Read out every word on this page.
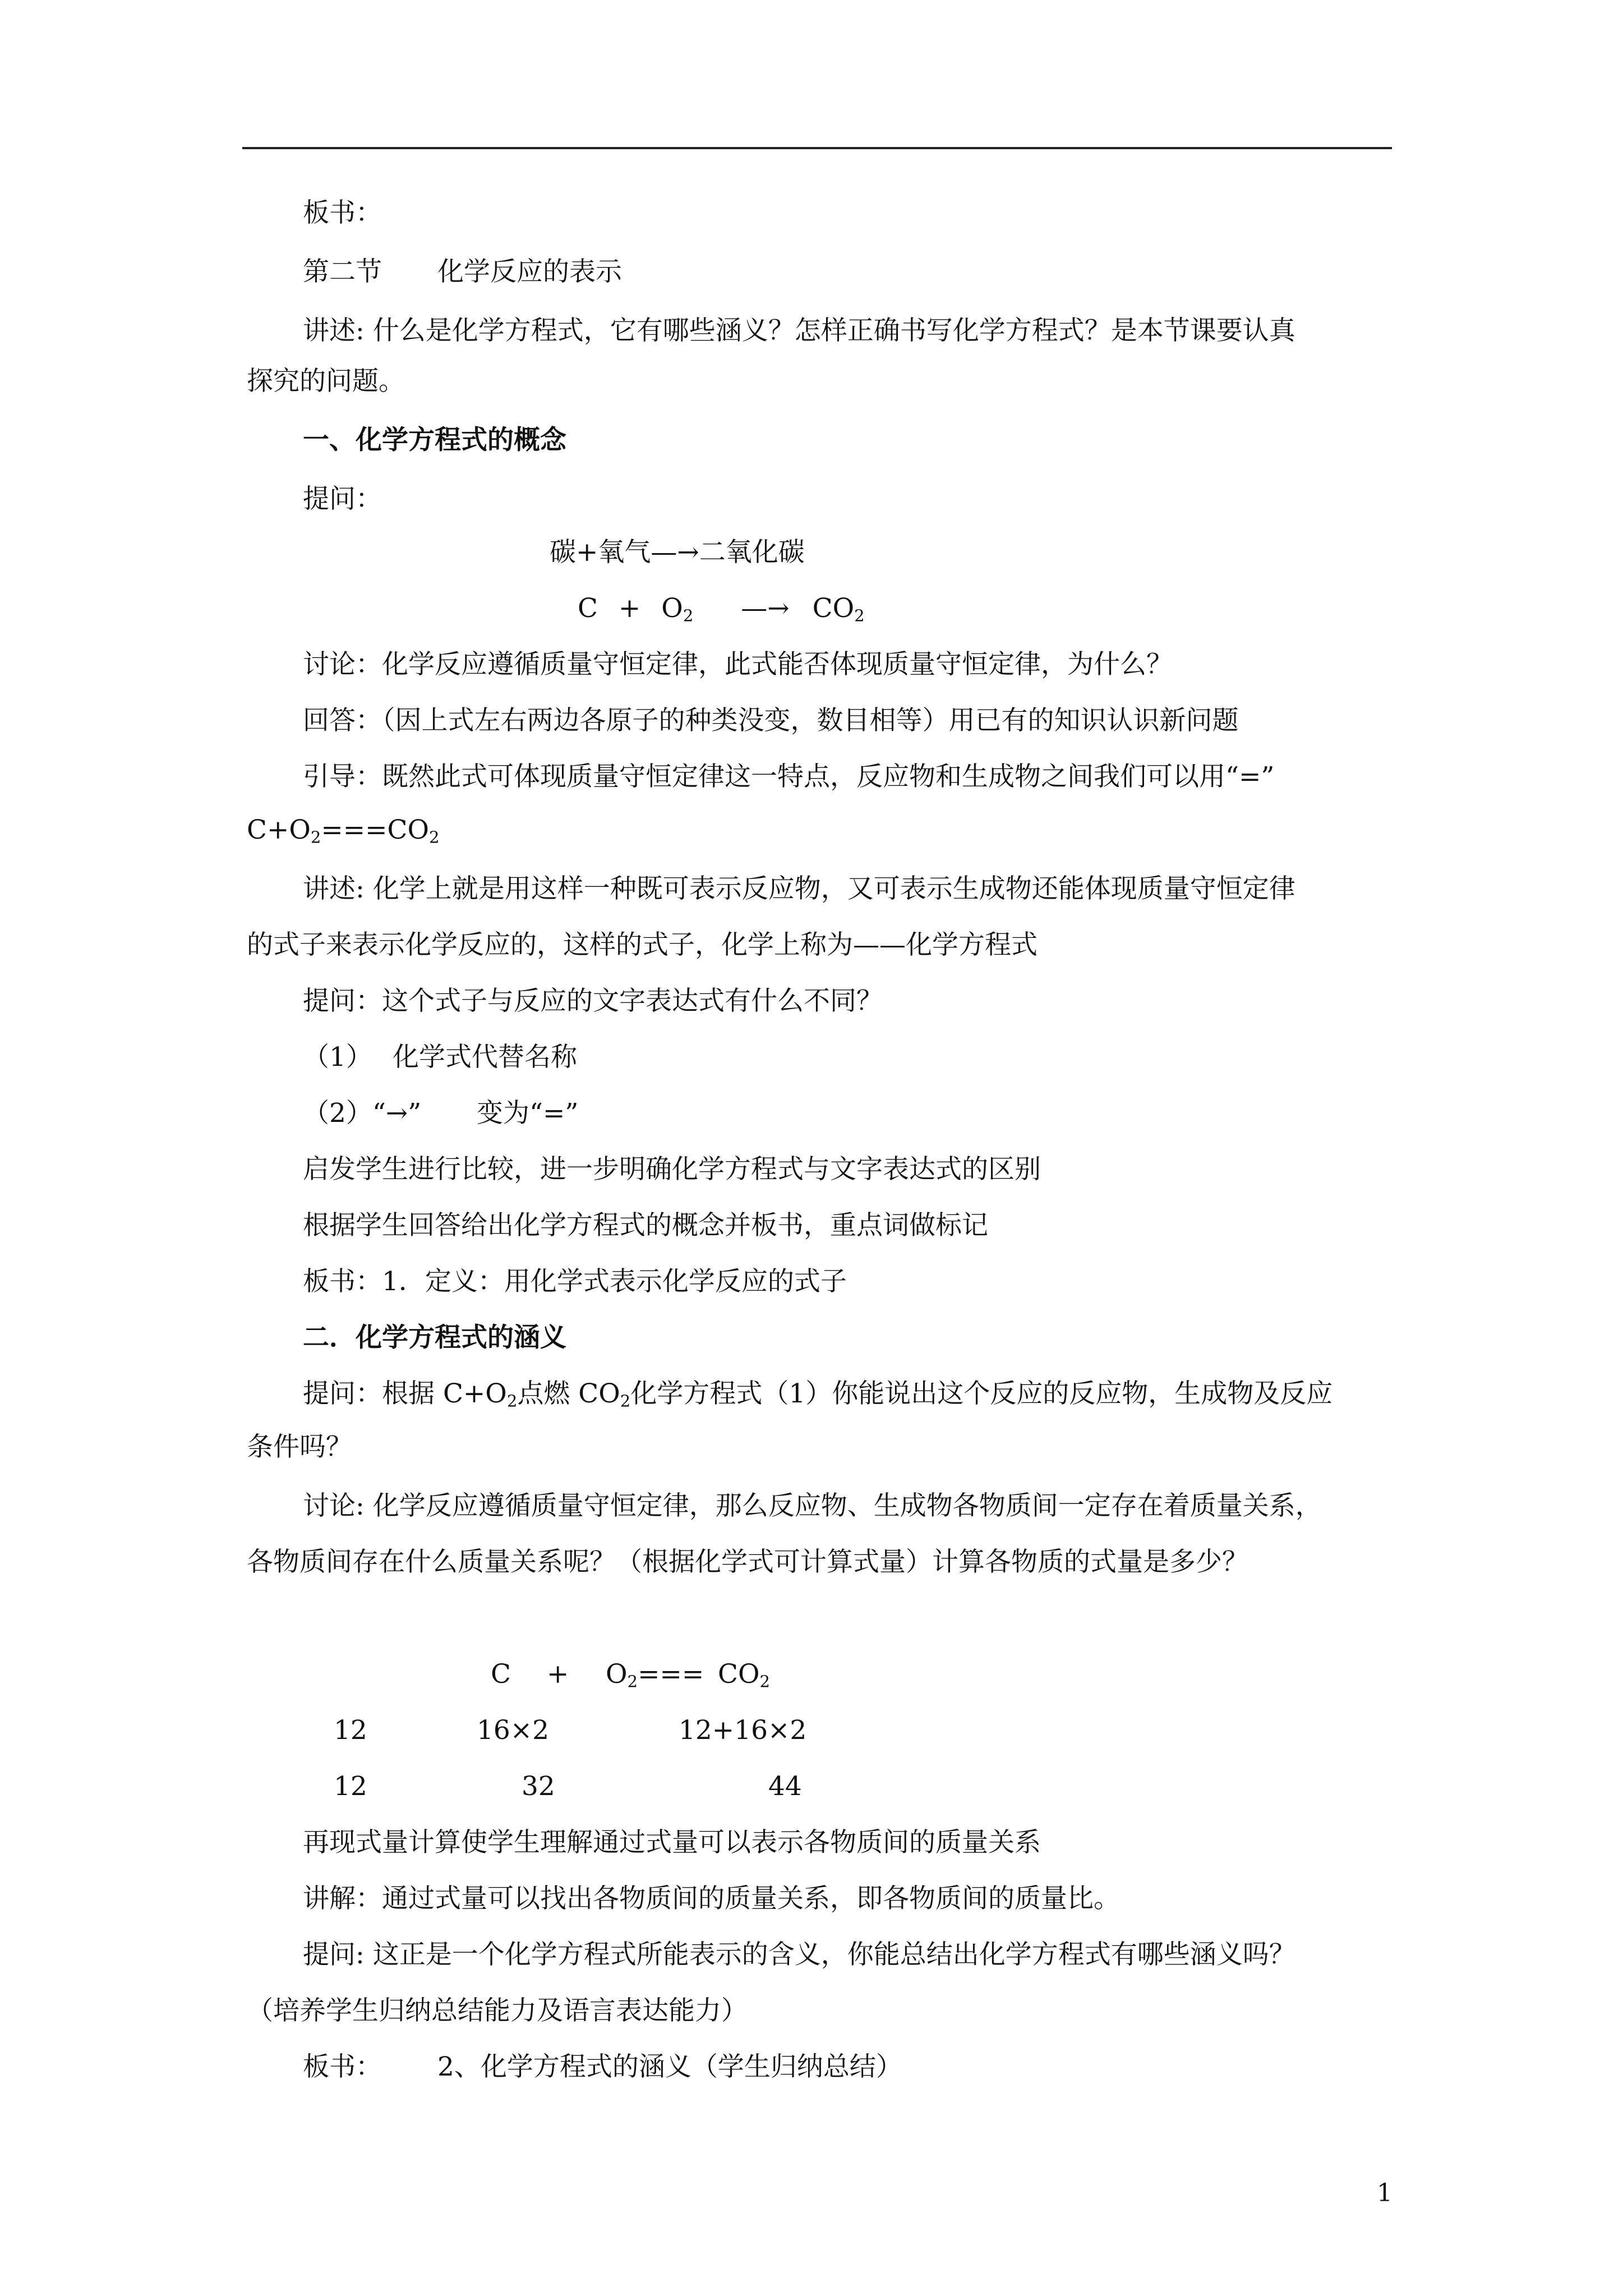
板书：
第二节 化学反应的表示
讲述: 什么是化学方程式，它有哪些涵义？怎样正确书写化学方程式？是本节课要认真
探究的问题。
一、化学方程式的概念
提问：
碳+氧气—→二氧化碳
$C + O_2$ —→ $CO_2$
讨论：化学反应遵循质量守恒定律，此式能否体现质量守恒定律，为什么？
回答：（因上式左右两边各原子的种类没变，数目相等）用已有的知识认识新问题
引导：既然此式可体现质量守恒定律这一特点，反应物和生成物之间我们可以用“=”
$C+O_2===CO_2$
讲述: 化学上就是用这样一种既可表示反应物，又可表示生成物还能体现质量守恒定律
的式子来表示化学反应的，这样的式子，化学上称为——化学方程式
提问：这个式子与反应的文字表达式有什么不同？
（1） 化学式代替名称
（2）“→” 变为“=”
启发学生进行比较，进一步明确化学方程式与文字表达式的区别
根据学生回答给出化学方程式的概念并板书，重点词做标记
板书：1．定义：用化学式表示化学反应的式子
二．化学方程式的涵义
提问：根据 $C+O_2$点燃 $CO_2$化学方程式（1）你能说出这个反应的反应物，生成物及反应
条件吗？
讨论: 化学反应遵循质量守恒定律，那么反应物、生成物各物质间一定存在着质量关系，
各物质间存在什么质量关系呢？（根据化学式可计算式量）计算各物质的式量是多少？
$C + O_2=== CO_2$
12	16×2	12+16×2
12	32	44
再现式量计算使学生理解通过式量可以表示各物质间的质量关系
讲解：通过式量可以找出各物质间的质量关系，即各物质间的质量比。
提问: 这正是一个化学方程式所能表示的含义，你能总结出化学方程式有哪些涵义吗？
（培养学生归纳总结能力及语言表达能力）
板书： 2、化学方程式的涵义（学生归纳总结）
1
